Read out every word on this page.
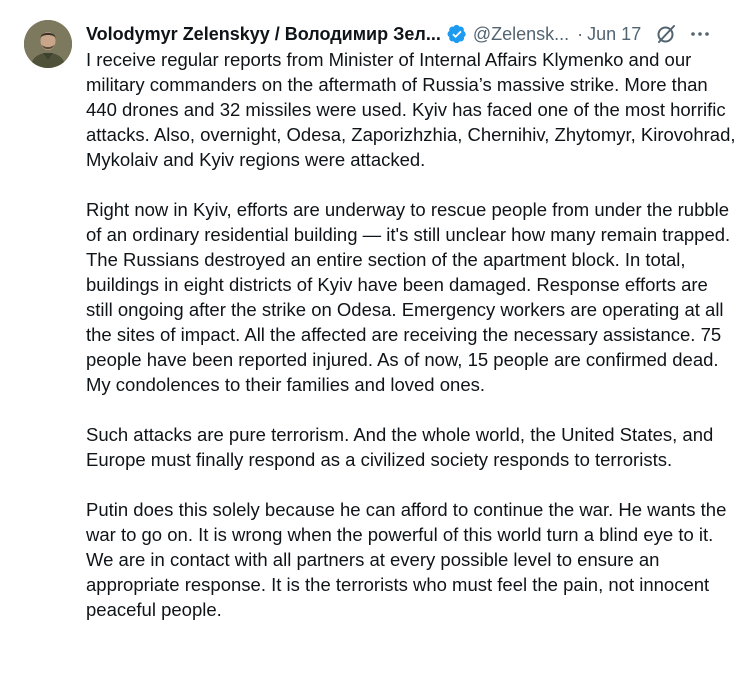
Volodymyr Zelenskyy / Володимир Зел... @Zelensk... · Jun 17

I receive regular reports from Minister of Internal Affairs Klymenko and our military commanders on the aftermath of Russia’s massive strike. More than 440 drones and 32 missiles were used. Kyiv has faced one of the most horrific attacks. Also, overnight, Odesa, Zaporizhzhia, Chernihiv, Zhytomyr, Kirovohrad, Mykolaiv and Kyiv regions were attacked.

Right now in Kyiv, efforts are underway to rescue people from under the rubble of an ordinary residential building — it's still unclear how many remain trapped. The Russians destroyed an entire section of the apartment block. In total, buildings in eight districts of Kyiv have been damaged. Response efforts are still ongoing after the strike on Odesa. Emergency workers are operating at all the sites of impact. All the affected are receiving the necessary assistance. 75 people have been reported injured. As of now, 15 people are confirmed dead. My condolences to their families and loved ones.

Such attacks are pure terrorism. And the whole world, the United States, and Europe must finally respond as a civilized society responds to terrorists.

Putin does this solely because he can afford to continue the war. He wants the war to go on. It is wrong when the powerful of this world turn a blind eye to it. We are in contact with all partners at every possible level to ensure an appropriate response. It is the terrorists who must feel the pain, not innocent peaceful people.
